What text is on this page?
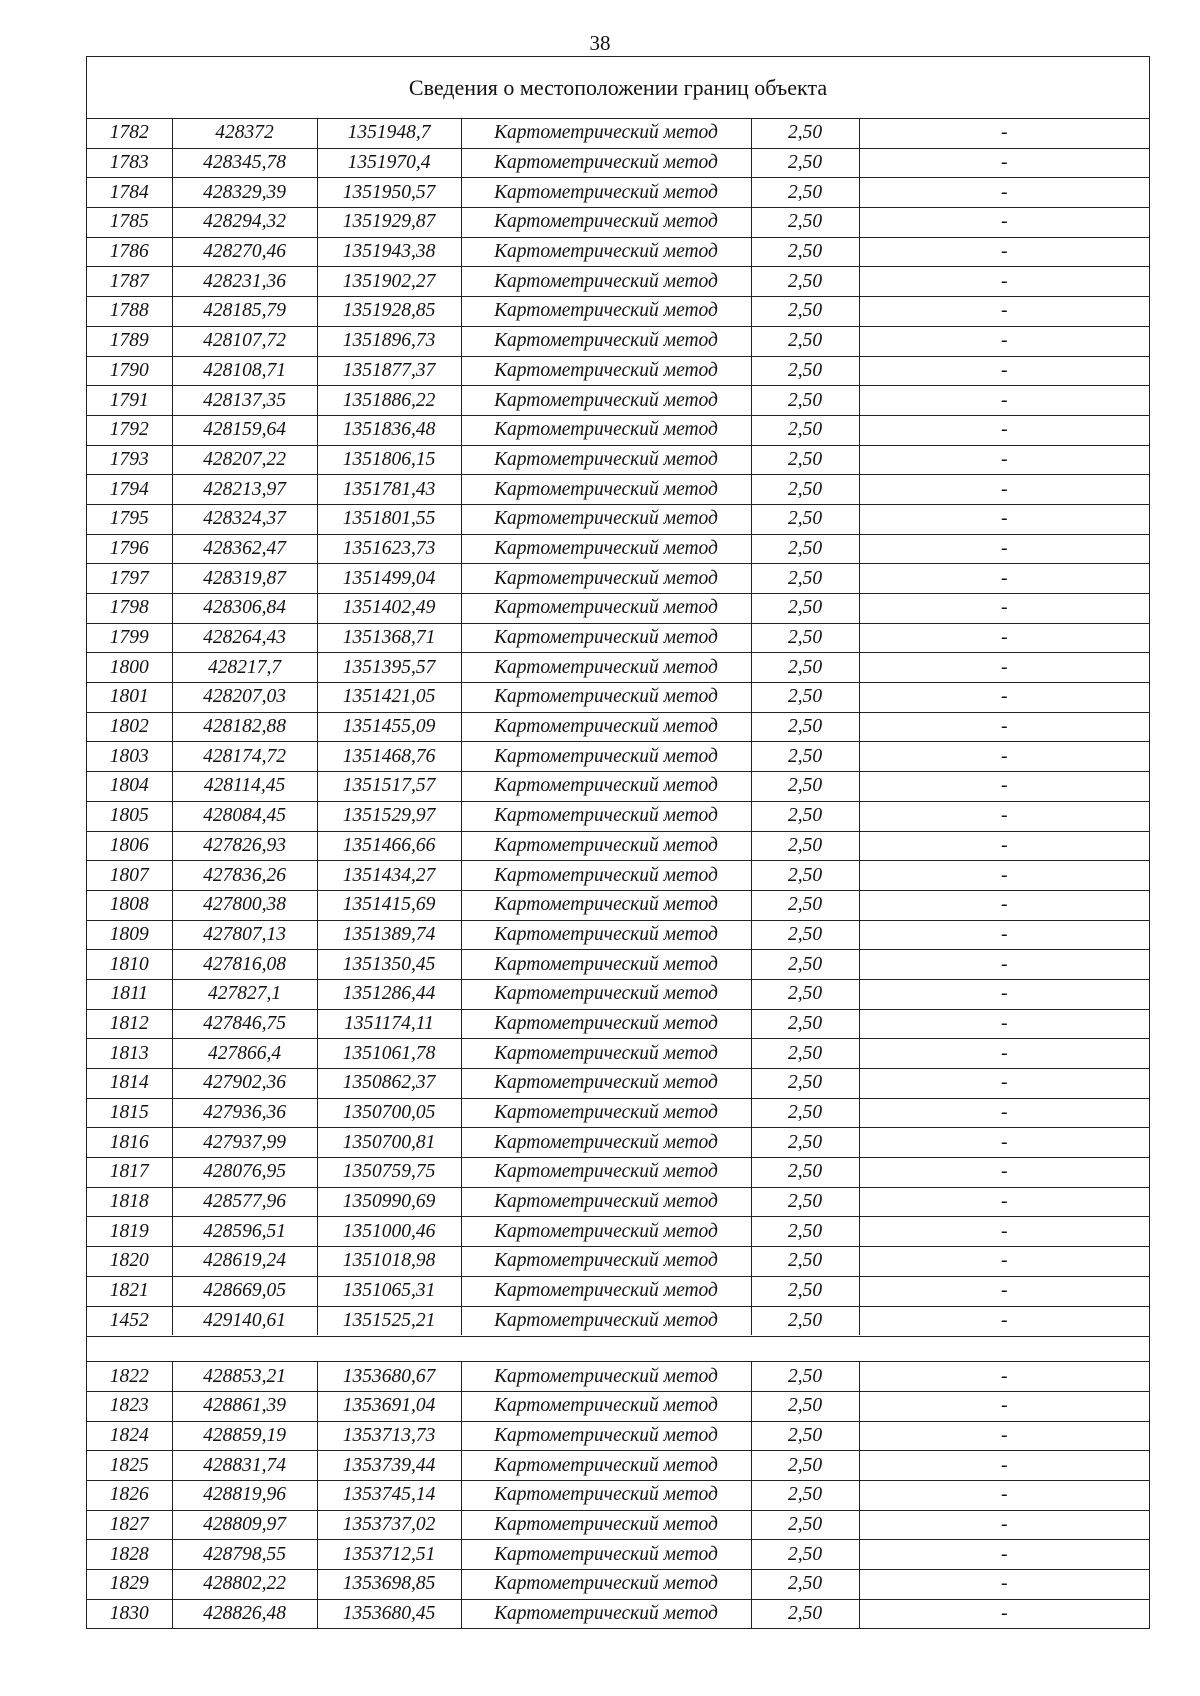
38
Сведения о местоположении границ объекта
1782	428372	1351948,7	Картометрический метод	2,50	-
1783	428345,78	1351970,4	Картометрический метод	2,50	-
1784	428329,39	1351950,57	Картометрический метод	2,50	-
1785	428294,32	1351929,87	Картометрический метод	2,50	-
1786	428270,46	1351943,38	Картометрический метод	2,50	-
1787	428231,36	1351902,27	Картометрический метод	2,50	-
1788	428185,79	1351928,85	Картометрический метод	2,50	-
1789	428107,72	1351896,73	Картометрический метод	2,50	-
1790	428108,71	1351877,37	Картометрический метод	2,50	-
1791	428137,35	1351886,22	Картометрический метод	2,50	-
1792	428159,64	1351836,48	Картометрический метод	2,50	-
1793	428207,22	1351806,15	Картометрический метод	2,50	-
1794	428213,97	1351781,43	Картометрический метод	2,50	-
1795	428324,37	1351801,55	Картометрический метод	2,50	-
1796	428362,47	1351623,73	Картометрический метод	2,50	-
1797	428319,87	1351499,04	Картометрический метод	2,50	-
1798	428306,84	1351402,49	Картометрический метод	2,50	-
1799	428264,43	1351368,71	Картометрический метод	2,50	-
1800	428217,7	1351395,57	Картометрический метод	2,50	-
1801	428207,03	1351421,05	Картометрический метод	2,50	-
1802	428182,88	1351455,09	Картометрический метод	2,50	-
1803	428174,72	1351468,76	Картометрический метод	2,50	-
1804	428114,45	1351517,57	Картометрический метод	2,50	-
1805	428084,45	1351529,97	Картометрический метод	2,50	-
1806	427826,93	1351466,66	Картометрический метод	2,50	-
1807	427836,26	1351434,27	Картометрический метод	2,50	-
1808	427800,38	1351415,69	Картометрический метод	2,50	-
1809	427807,13	1351389,74	Картометрический метод	2,50	-
1810	427816,08	1351350,45	Картометрический метод	2,50	-
1811	427827,1	1351286,44	Картометрический метод	2,50	-
1812	427846,75	1351174,11	Картометрический метод	2,50	-
1813	427866,4	1351061,78	Картометрический метод	2,50	-
1814	427902,36	1350862,37	Картометрический метод	2,50	-
1815	427936,36	1350700,05	Картометрический метод	2,50	-
1816	427937,99	1350700,81	Картометрический метод	2,50	-
1817	428076,95	1350759,75	Картометрический метод	2,50	-
1818	428577,96	1350990,69	Картометрический метод	2,50	-
1819	428596,51	1351000,46	Картометрический метод	2,50	-
1820	428619,24	1351018,98	Картометрический метод	2,50	-
1821	428669,05	1351065,31	Картометрический метод	2,50	-
1452	429140,61	1351525,21	Картометрический метод	2,50	-
1822	428853,21	1353680,67	Картометрический метод	2,50	-
1823	428861,39	1353691,04	Картометрический метод	2,50	-
1824	428859,19	1353713,73	Картометрический метод	2,50	-
1825	428831,74	1353739,44	Картометрический метод	2,50	-
1826	428819,96	1353745,14	Картометрический метод	2,50	-
1827	428809,97	1353737,02	Картометрический метод	2,50	-
1828	428798,55	1353712,51	Картометрический метод	2,50	-
1829	428802,22	1353698,85	Картометрический метод	2,50	-
1830	428826,48	1353680,45	Картометрический метод	2,50	-
